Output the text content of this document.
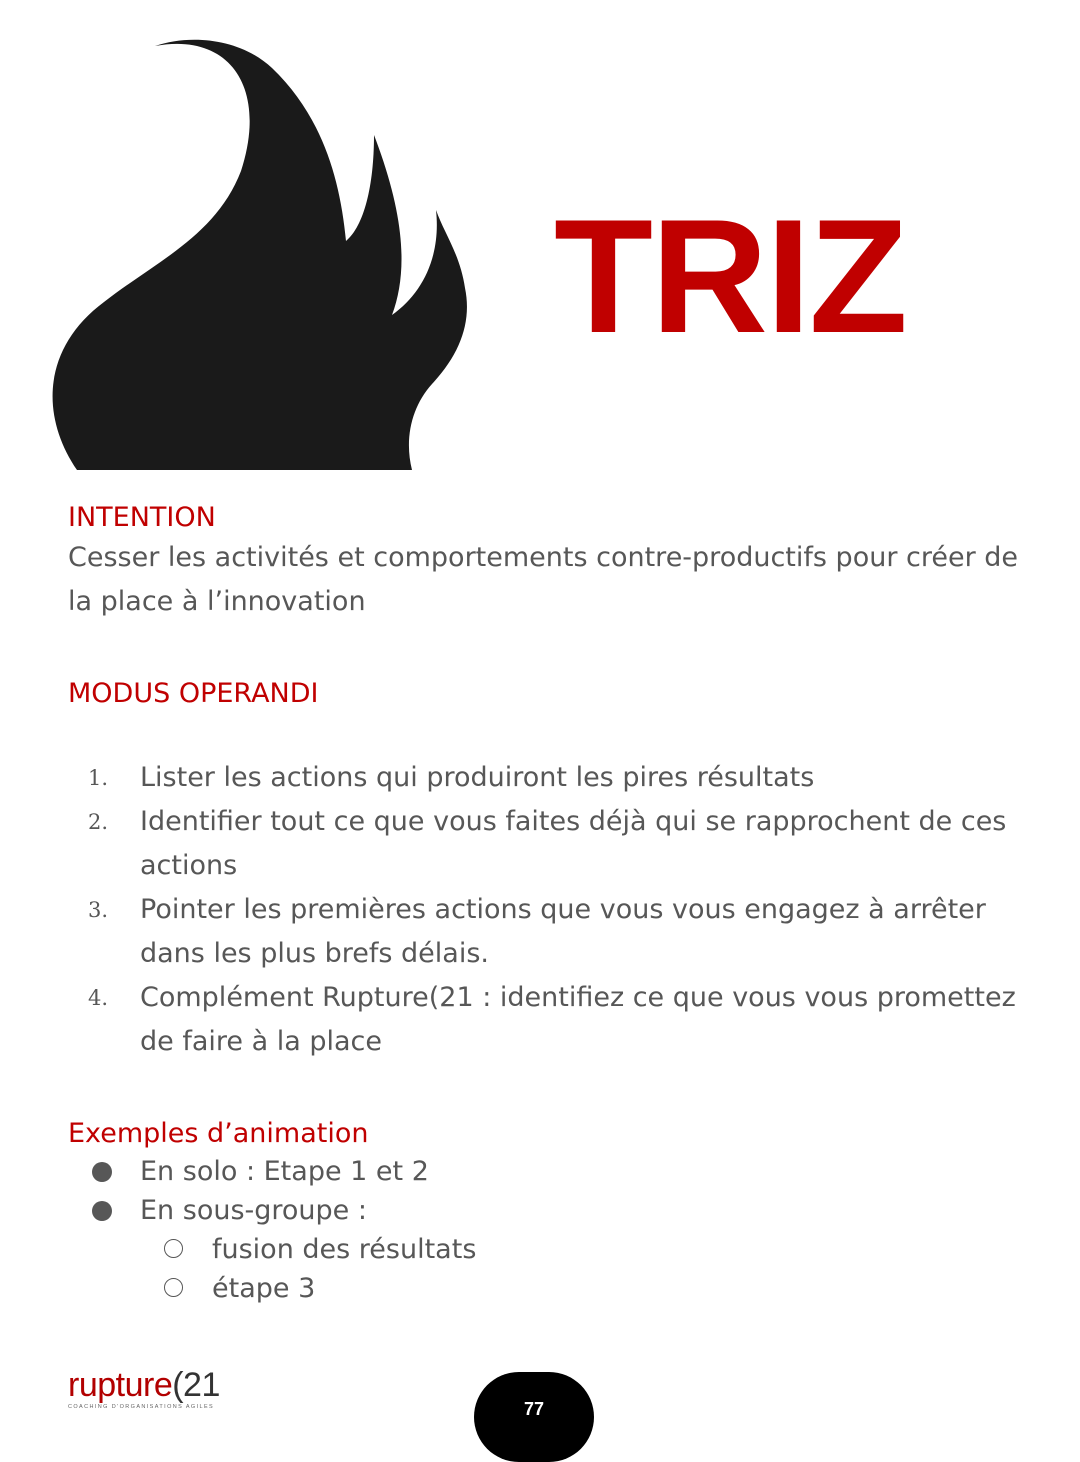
TRIZ
INTENTION
Cesser les activités et comportements contre-productifs pour créer de la place à l’innovation
MODUS OPERANDI
1. Lister les actions qui produiront les pires résultats
2. Identifier tout ce que vous faites déjà qui se rapprochent de ces actions
3. Pointer les premières actions que vous vous engagez à arrêter dans les plus brefs délais.
4. Complément Rupture(21 : identifiez ce que vous vous promettez de faire à la place
Exemples d’animation
En solo : Etape 1 et 2
En sous-groupe :
fusion des résultats
étape 3
rupture(21
COACHING D'ORGANISATIONS AGILES	77
